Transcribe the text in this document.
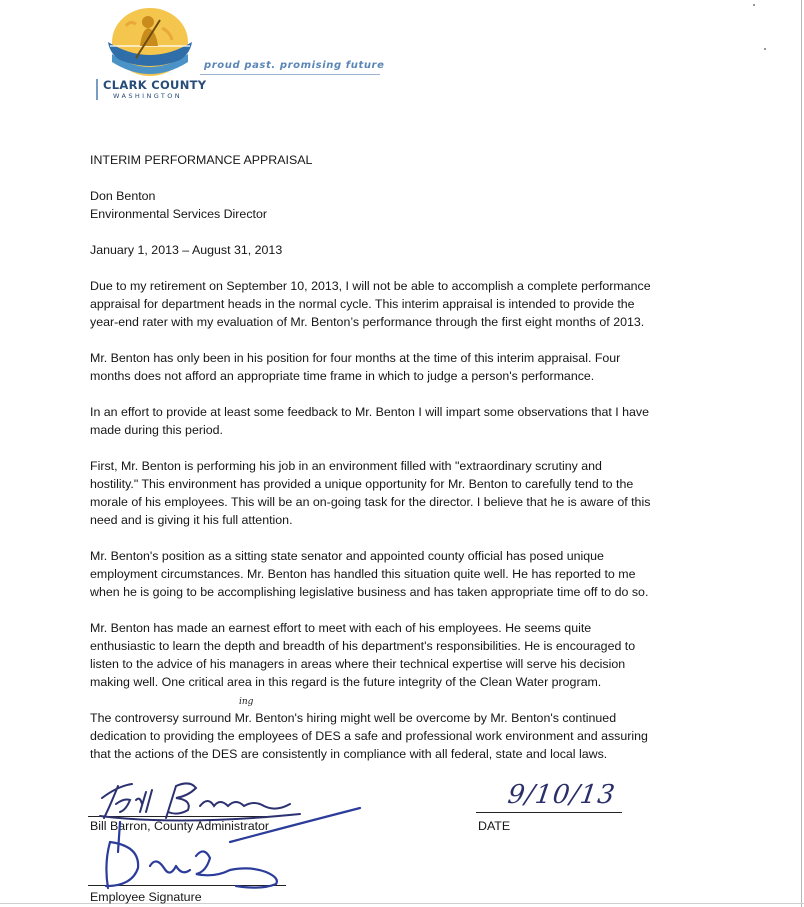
proud past. promising future
CLARK COUNTY
WASHINGTON
INTERIM PERFORMANCE APPRAISAL
Don Benton
Environmental Services Director
January 1, 2013 – August 31, 2013
Due to my retirement on September 10, 2013, I will not be able to accomplish a complete performance
appraisal for department heads in the normal cycle. This interim appraisal is intended to provide the
year-end rater with my evaluation of Mr. Benton’s performance through the first eight months of 2013.
Mr. Benton has only been in his position for four months at the time of this interim appraisal. Four
months does not afford an appropriate time frame in which to judge a person's performance.
In an effort to provide at least some feedback to Mr. Benton I will impart some observations that I have
made during this period.
First, Mr. Benton is performing his job in an environment filled with "extraordinary scrutiny and
hostility." This environment has provided a unique opportunity for Mr. Benton to carefully tend to the
morale of his employees. This will be an on-going task for the director. I believe that he is aware of this
need and is giving it his full attention.
Mr. Benton's position as a sitting state senator and appointed county official has posed unique
employment circumstances. Mr. Benton has handled this situation quite well. He has reported to me
when he is going to be accomplishing legislative business and has taken appropriate time off to do so.
Mr. Benton has made an earnest effort to meet with each of his employees. He seems quite
enthusiastic to learn the depth and breadth of his department's responsibilities. He is encouraged to
listen to the advice of his managers in areas where their technical expertise will serve his decision
making well. One critical area in this regard is the future integrity of the Clean Water program.
The controversy surround Mr. Benton's hiring might well be overcome by Mr. Benton's continued
dedication to providing the employees of DES a safe and professional work environment and assuring
that the actions of the DES are consistently in compliance with all federal, state and local laws.
ing
Bill Barron, County Administrator	DATE
9/10/13
Employee Signature
